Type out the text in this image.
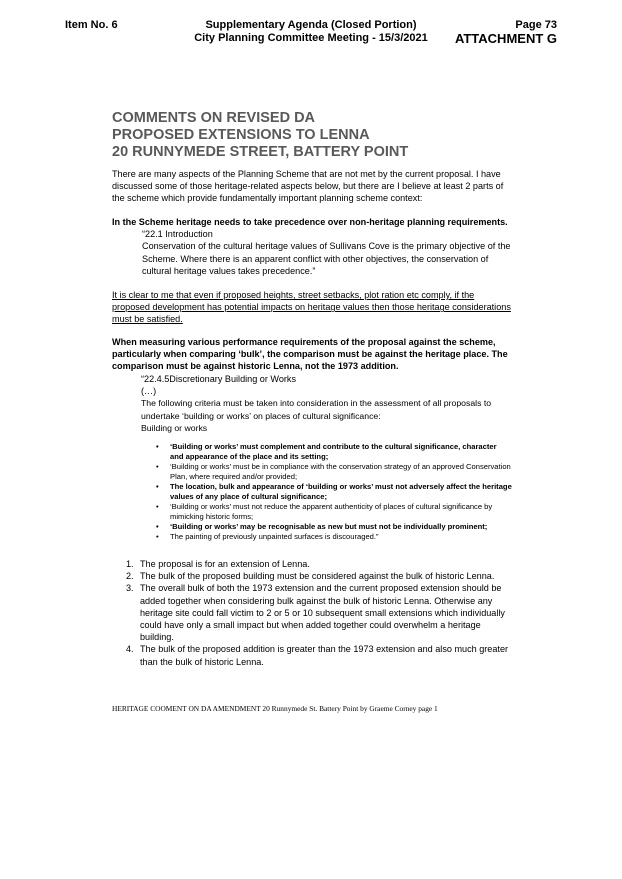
Item No. 6	Supplementary Agenda (Closed Portion)
City Planning Committee Meeting - 15/3/2021
Page 73
ATTACHMENT G
COMMENTS ON REVISED DA
PROPOSED EXTENSIONS TO LENNA
20 RUNNYMEDE STREET, BATTERY POINT
There are many aspects of the Planning Scheme that are not met by the current proposal. I have discussed some of those heritage-related aspects below, but there are I believe at least 2 parts of the scheme which provide fundamentally important planning scheme context:
In the Scheme heritage needs to take precedence over non-heritage planning requirements.
“22.1 Introduction
Conservation of the cultural heritage values of Sullivans Cove is the primary objective of the Scheme. Where there is an apparent conflict with other objectives, the conservation of cultural heritage values takes precedence.”
It is clear to me that even if proposed heights, street setbacks, plot ration etc comply, if the proposed development has potential impacts on heritage values then those heritage considerations must be satisfied.
When measuring various performance requirements of the proposal against the scheme, particularly when comparing ‘bulk’, the comparison must be against the heritage place. The comparison must be against historic Lenna, not the 1973 addition.
“22.4.5Discretionary Building or Works
(…)
The following criteria must be taken into consideration in the assessment of all proposals to undertake ‘building or works’ on places of cultural significance:
Building or works
• ‘Building or works’ must complement and contribute to the cultural significance, character and appearance of the place and its setting;
• ‘Building or works’ must be in compliance with the conservation strategy of an approved Conservation Plan, where required and/or provided;
• The location, bulk and appearance of ‘building or works’ must not adversely affect the heritage values of any place of cultural significance;
• ‘Building or works’ must not reduce the apparent authenticity of places of cultural significance by mimicking historic forms;
• ‘Building or works’ may be recognisable as new but must not be individually prominent;
• The painting of previously unpainted surfaces is discouraged.”
1. The proposal is for an extension of Lenna.
2. The bulk of the proposed building must be considered against the bulk of historic Lenna.
3. The overall bulk of both the 1973 extension and the current proposed extension should be added together when considering bulk against the bulk of historic Lenna. Otherwise any heritage site could fall victim to 2 or 5 or 10 subsequent small extensions which individually could have only a small impact but when added together could overwhelm a heritage building.
4. The bulk of the proposed addition is greater than the 1973 extension and also much greater than the bulk of historic Lenna.
HERITAGE COOMENT ON DA AMENDMENT 20 Runnymede St. Battery Point by Graeme Corney page 1
